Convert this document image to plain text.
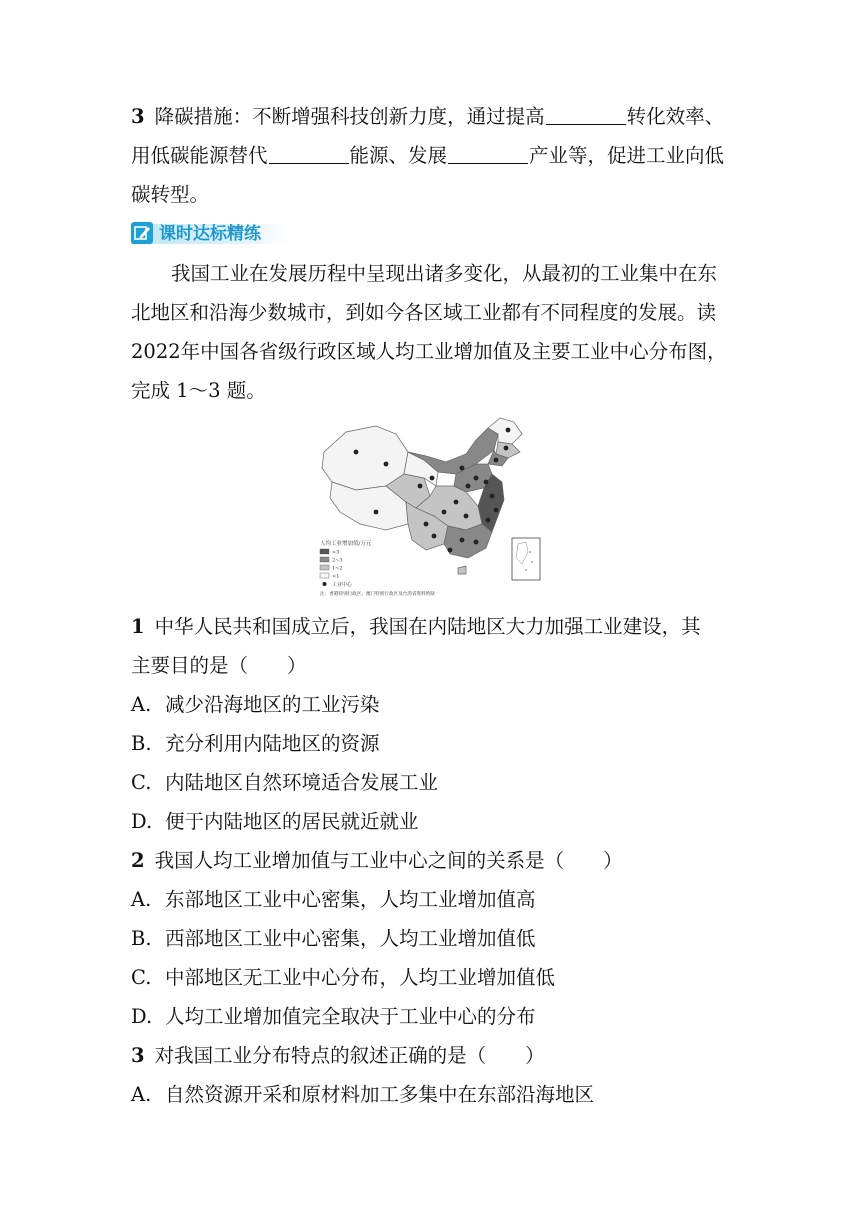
3 降碳措施：不断增强科技创新力度，通过提高	转化效率、
用低碳能源替代	能源、发展	产业等，促进工业向低
碳转型。
课时达标精练
我国工业在发展历程中呈现出诸多变化，从最初的工业集中在东
北地区和沿海少数城市，到如今各区域工业都有不同程度的发展。读
2022年中国各省级行政区域人均工业增加值及主要工业中心分布图，
完成 1～3 题。
人均工业增加值/万元
>3
2~3
1~2
<1
工业中心
注：香港特别行政区、澳门特别行政区及台湾省资料暂缺
1 中华人民共和国成立后，我国在内陆地区大力加强工业建设，其
主要目的是（　　）
A. 减少沿海地区的工业污染
B. 充分利用内陆地区的资源
C. 内陆地区自然环境适合发展工业
D. 便于内陆地区的居民就近就业
2 我国人均工业增加值与工业中心之间的关系是（　　）
A. 东部地区工业中心密集，人均工业增加值高
B. 西部地区工业中心密集，人均工业增加值低
C. 中部地区无工业中心分布，人均工业增加值低
D. 人均工业增加值完全取决于工业中心的分布
3 对我国工业分布特点的叙述正确的是（　　）
A. 自然资源开采和原材料加工多集中在东部沿海地区
